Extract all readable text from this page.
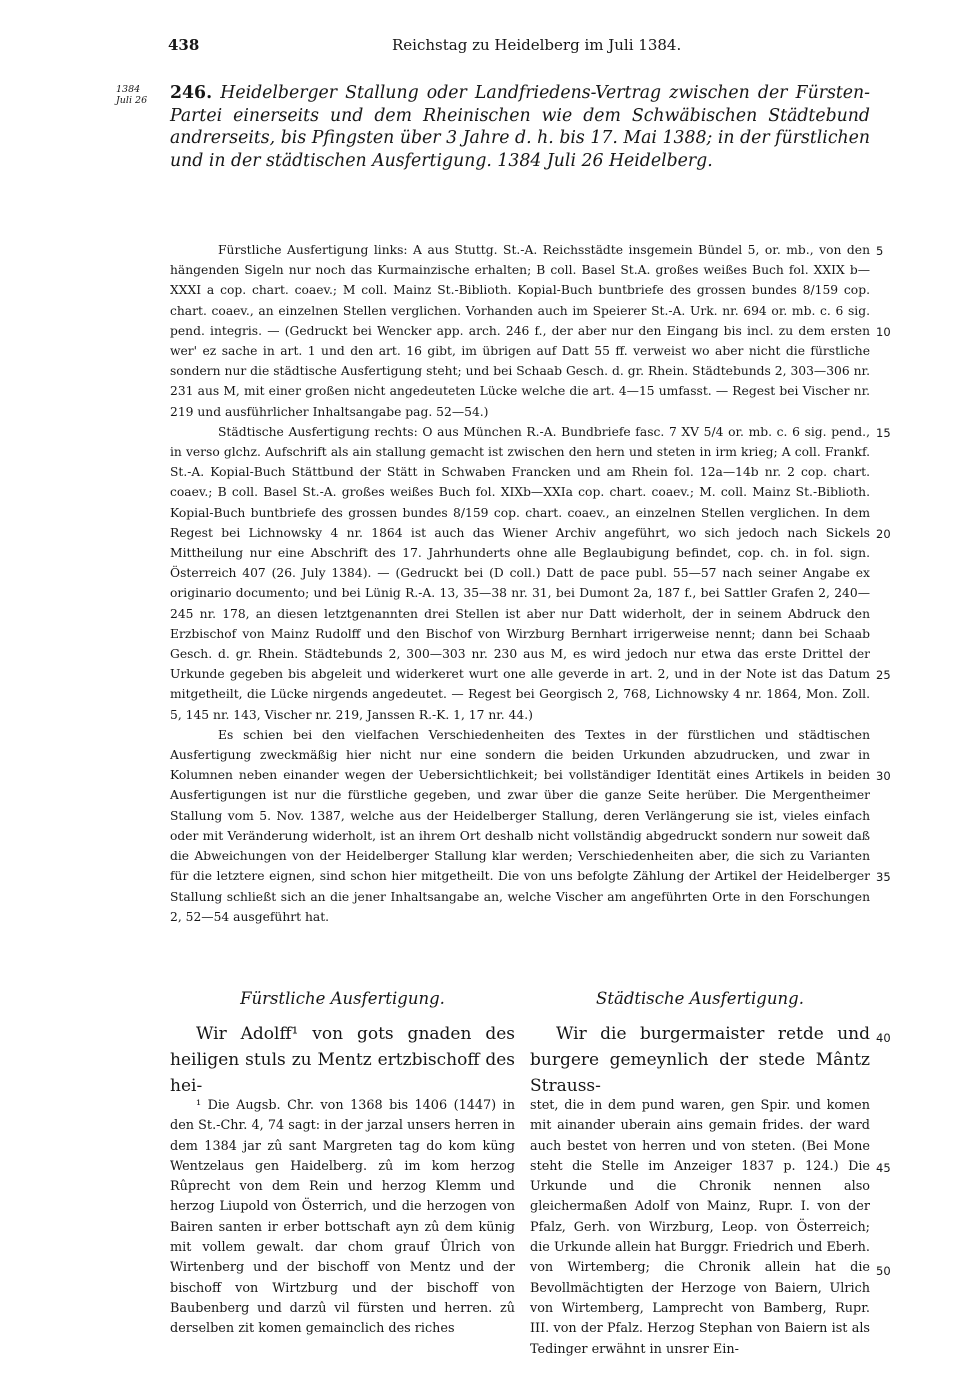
438	Reichstag zu Heidelberg im Juli 1384.
1384
Juli 26 246. Heidelberger Stallung oder Landfriedens-Vertrag zwischen der Fürsten-Partei einerseits und dem Rheinischen wie dem Schwäbischen Städtebund andrerseits, bis Pfingsten über 3 Jahre d. h. bis 17. Mai 1388; in der fürstlichen und in der städtischen Ausfertigung. 1384 Juli 26 Heidelberg.

Fürstliche Ausfertigung links: A aus Stuttg. St.-A. Reichsstädte insgemein Bündel 5, or. mb., von den hängenden Sigeln nur noch das Kurmainzische erhalten; B coll. Basel St.A. großes weißes Buch fol. XXIX b— XXXI a cop. chart. coaev.; M coll. Mainz St.-Biblioth. Kopial-Buch buntbriefe des grossen bundes 8/159 cop. chart. coaev., an einzelnen Stellen verglichen. Vorhanden auch im Speierer St.-A. Urk. nr. 694 or. mb. c. 6 sig. pend. integris. — (Gedruckt bei Wencker app. arch. 246 f., der aber nur den Eingang bis incl. zu dem ersten wer' ez sache in art. 1 und den art. 16 gibt, im übrigen auf Datt 55 ff. verweist wo aber nicht die fürstliche sondern nur die städtische Ausfertigung steht; und bei Schaab Gesch. d. gr. Rhein. Städtebunds 2, 303—306 nr. 231 aus M, mit einer großen nicht angedeuteten Lücke welche die art. 4—15 umfasst. — Regest bei Vischer nr. 219 und ausführlicher Inhaltsangabe pag. 52—54.)

Städtische Ausfertigung rechts: O aus München R.-A. Bundbriefe fasc. 7 XV 5/4 or. mb. c. 6 sig. pend., in verso glchz. Aufschrift als ain stallung gemacht ist zwischen den hern und steten in irm krieg; A coll. Frankf. St.-A. Kopial-Buch Stättbund der Stätt in Schwaben Francken und am Rhein fol. 12a—14b nr. 2 cop. chart. coaev.; B coll. Basel St.-A. großes weißes Buch fol. XIXb—XXIa cop. chart. coaev.; M. coll. Mainz St.-Biblioth. Kopial-Buch buntbriefe des grossen bundes 8/159 cop. chart. coaev., an einzelnen Stellen verglichen. In dem Regest bei Lichnowsky 4 nr. 1864 ist auch das Wiener Archiv angeführt, wo sich jedoch nach Sickels Mittheilung nur eine Abschrift des 17. Jahrhunderts ohne alle Beglaubigung befindet, cop. ch. in fol. sign. Österreich 407 (26. July 1384). — (Gedruckt bei (D coll.) Datt de pace publ. 55—57 nach seiner Angabe ex originario documento; und bei Lünig R.-A. 13, 35—38 nr. 31, bei Dumont 2a, 187 f., bei Sattler Grafen 2, 240—245 nr. 178, an diesen letztgenannten drei Stellen ist aber nur Datt widerholt, der in seinem Abdruck den Erzbischof von Mainz Rudolff und den Bischof von Wirzburg Bernhart irrigerweise nennt; dann bei Schaab Gesch. d. gr. Rhein. Städtebunds 2, 300—303 nr. 230 aus M, es wird jedoch nur etwa das erste Drittel der Urkunde gegeben bis abgeleit und widerkeret wurt one alle geverde in art. 2, und in der Note ist das Datum mitgetheilt, die Lücke nirgends angedeutet. — Regest bei Georgisch 2, 768, Lichnowsky 4 nr. 1864, Mon. Zoll. 5, 145 nr. 143, Vischer nr. 219, Janssen R.-K. 1, 17 nr. 44.)

Es schien bei den vielfachen Verschiedenheiten des Textes in der fürstlichen und städtischen Ausfertigung zweckmäßig hier nicht nur eine sondern die beiden Urkunden abzudrucken, und zwar in Kolumnen neben einander wegen der Uebersichtlichkeit; bei vollständiger Identität eines Artikels in beiden Ausfertigungen ist nur die fürstliche gegeben, und zwar über die ganze Seite herüber. Die Mergentheimer Stallung vom 5. Nov. 1387, welche aus der Heidelberger Stallung, deren Verlängerung sie ist, vieles einfach oder mit Veränderung widerholt, ist an ihrem Ort deshalb nicht vollständig abgedruckt sondern nur soweit daß die Abweichungen von der Heidelberger Stallung klar werden; Verschiedenheiten aber, die sich zu Varianten für die letztere eignen, sind schon hier mitgetheilt. Die von uns befolgte Zählung der Artikel der Heidelberger Stallung schließt sich an die jener Inhaltsangabe an, welche Vischer am angeführten Orte in den Forschungen 2, 52—54 ausgeführt hat.

5
10
15
20
25
30
35
40
45
50
Fürstliche Ausfertigung.	Städtische Ausfertigung.

Wir Adolff¹ von gots gnaden des heiligen stuls zu Mentz ertzbischoff des hei-

Wir die burgermaister retde und burgere gemeynlich der stede Mântz Strauss-

¹ Die Augsb. Chr. von 1368 bis 1406 (1447) in den St.-Chr. 4, 74 sagt: in der jarzal unsers herren in dem 1384 jar zû sant Margreten tag do kom küng Wentzelaus gen Haidelberg. zû im kom herzog Rûprecht von dem Rein und herzog Klemm und herzog Liupold von Österrich, und die herzogen von Bairen santen ir erber bottschaft ayn zû dem künig mit vollem gewalt. dar chom grauf Ûlrich von Wirtenberg und der bischoff von Mentz und der bischoff von Wirtzburg und der bischoff von Baubenberg und darzû vil fürsten und herren. zû derselben zit komen gemainclich des riches

stet, die in dem pund waren, gen Spir. und komen mit ainander uberain ains gemain frides. der ward auch bestet von herren und von steten. (Bei Mone steht die Stelle im Anzeiger 1837 p. 124.) Die Urkunde und die Chronik nennen also gleichermaßen Adolf von Mainz, Rupr. I. von der Pfalz, Gerh. von Wirzburg, Leop. von Österreich; die Urkunde allein hat Burggr. Friedrich und Eberh. von Wirtemberg; die Chronik allein hat die Bevollmächtigten der Herzoge von Baiern, Ulrich von Wirtemberg, Lamprecht von Bamberg, Rupr. III. von der Pfalz. Herzog Stephan von Baiern ist als Tedinger erwähnt in unsrer Ein-
